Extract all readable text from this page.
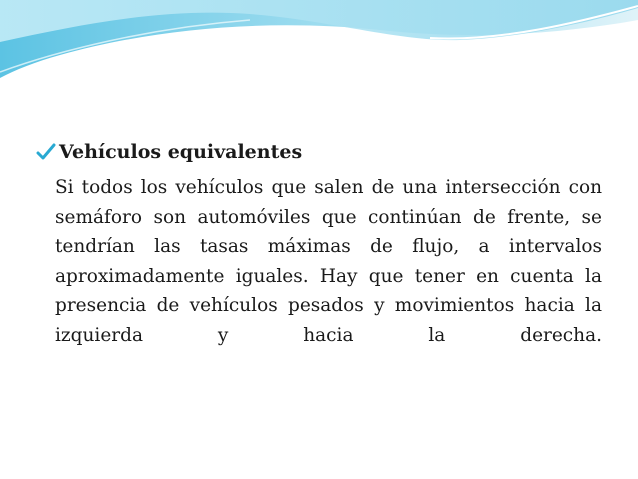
Vehículos equivalentes

Si todos los vehículos que salen de una intersección con semáforo son automóviles que continúan de frente, se tendrían las tasas máximas de flujo, a intervalos aproximadamente iguales. Hay que tener en cuenta la presencia de vehículos pesados y movimientos hacia la izquierda y hacia la derecha.
